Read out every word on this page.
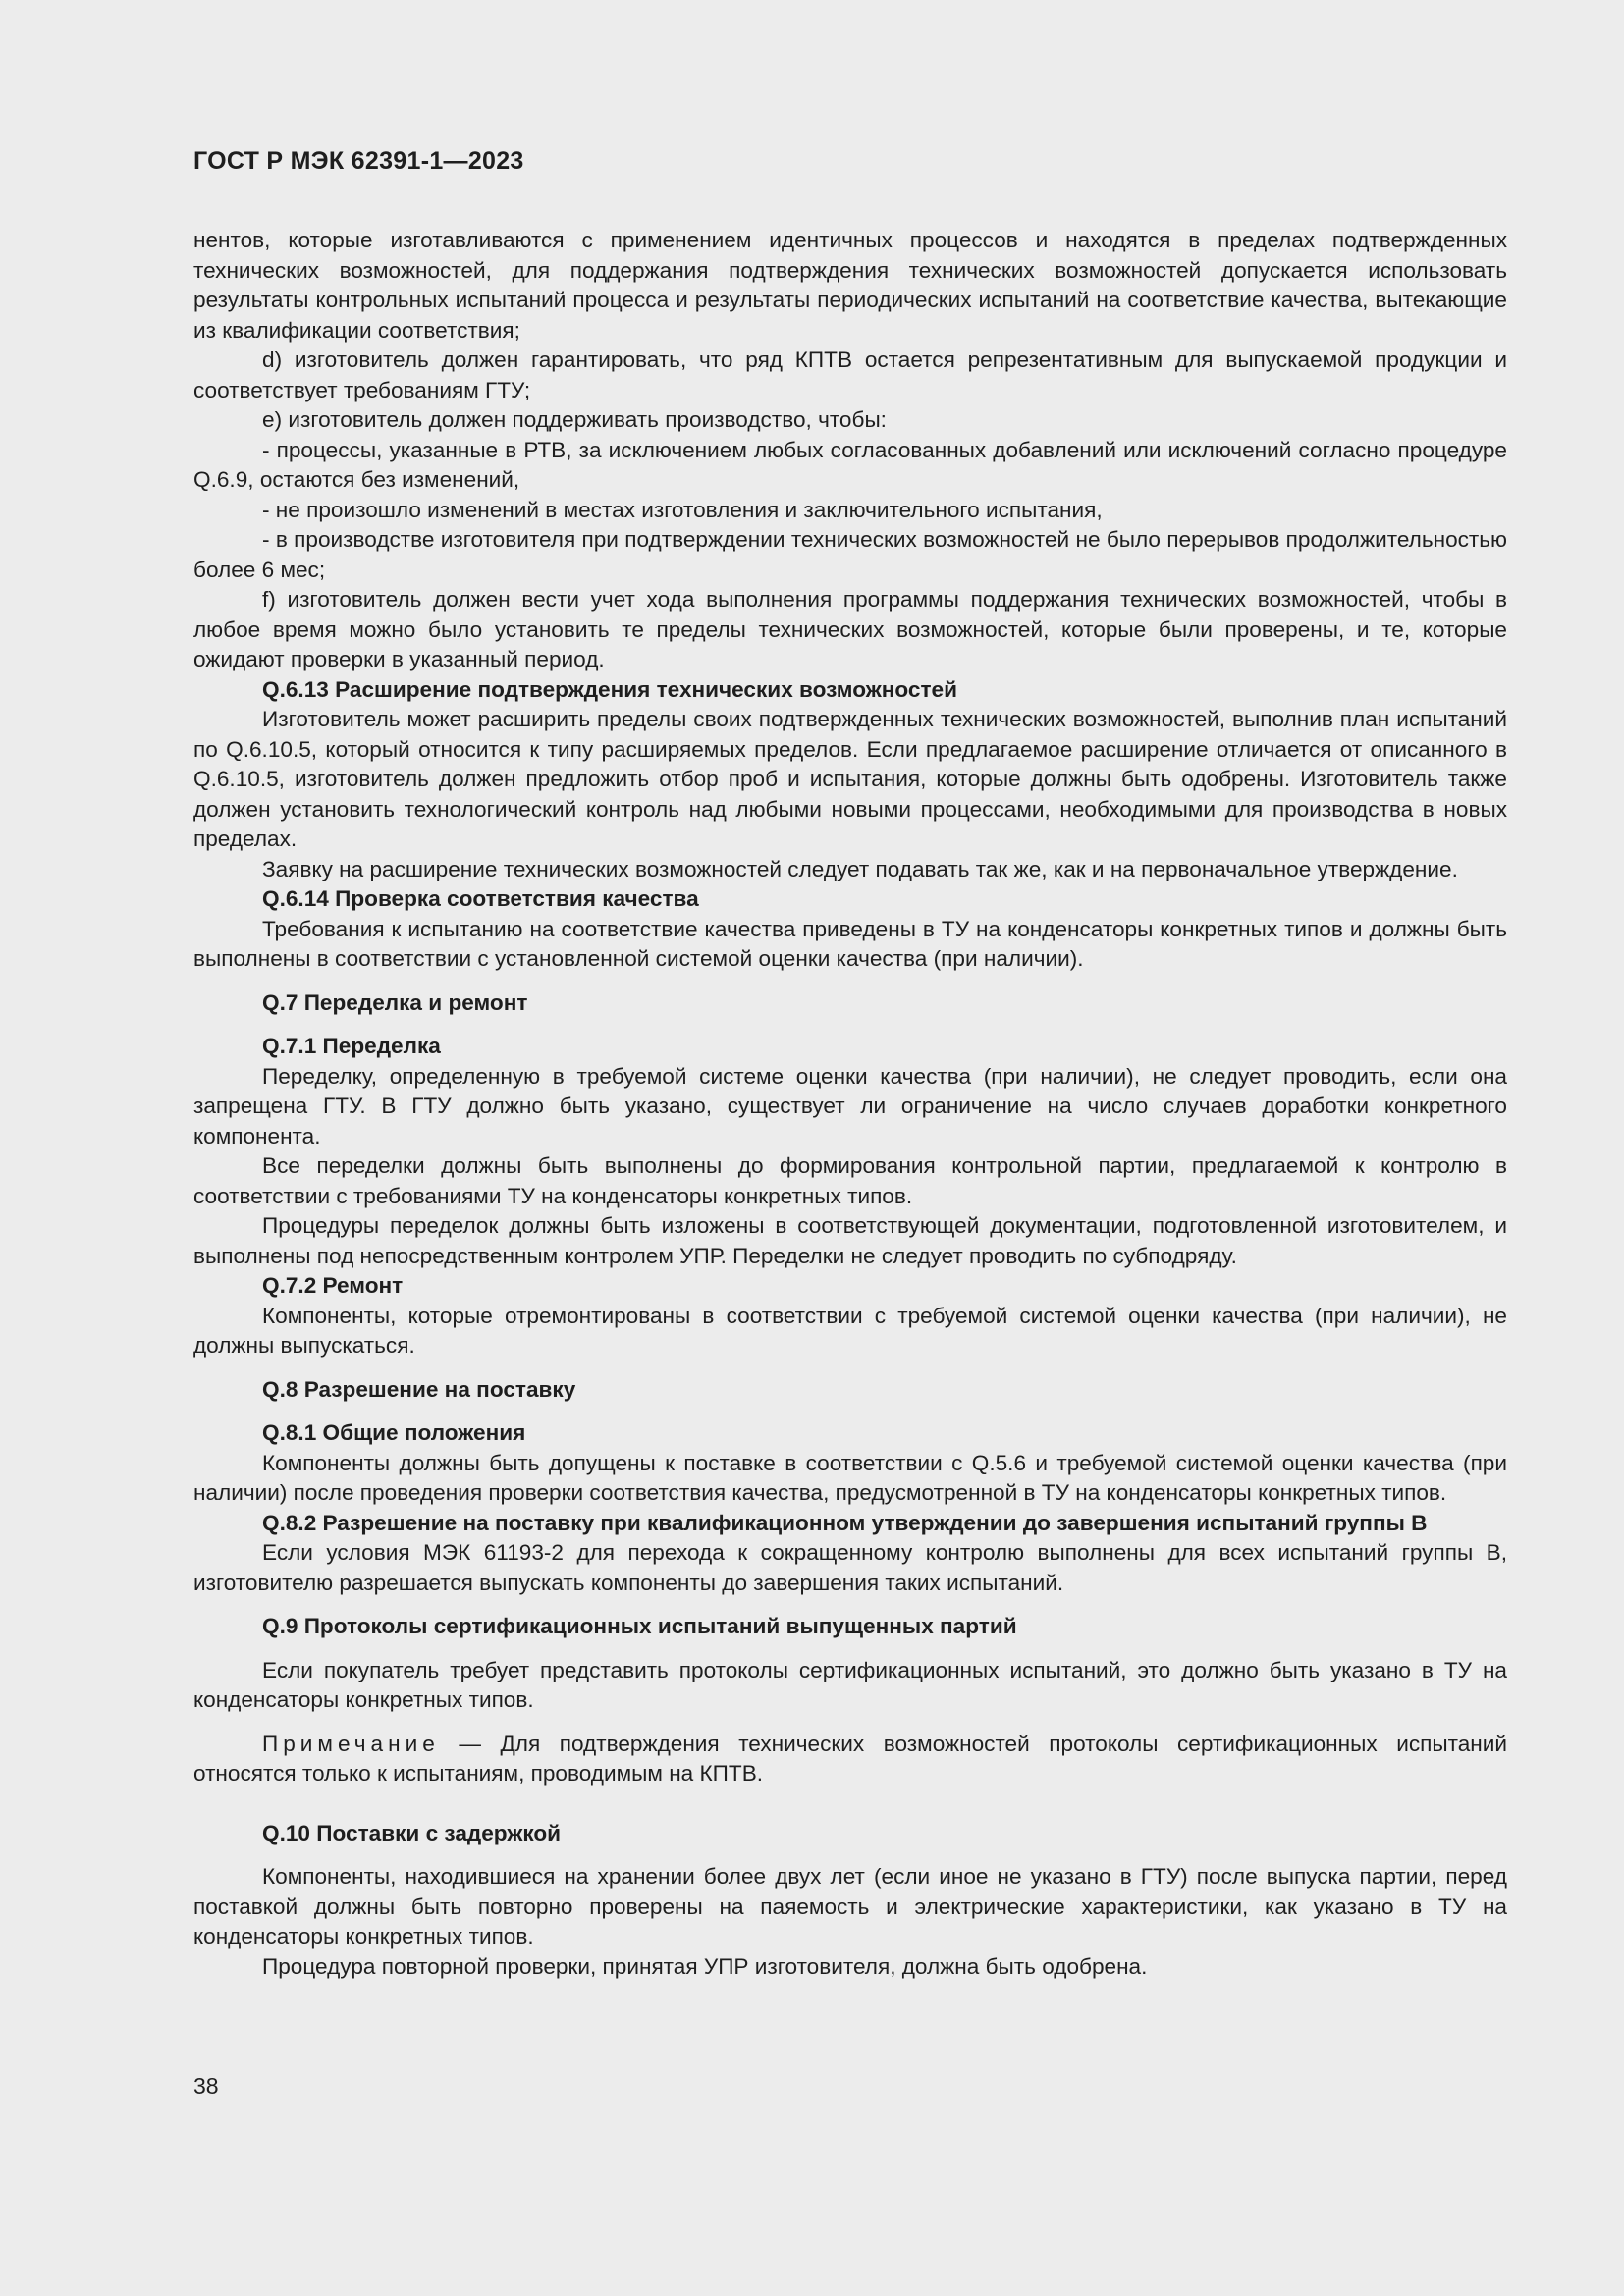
ГОСТ Р МЭК 62391-1—2023

нентов, которые изготавливаются с применением идентичных процессов и находятся в пределах подтвержденных технических возможностей, для поддержания подтверждения технических возможностей допускается использовать результаты контрольных испытаний процесса и результаты периодических испытаний на соответствие качества, вытекающие из квалификации соответствия;

d) изготовитель должен гарантировать, что ряд КПТВ остается репрезентативным для выпускаемой продукции и соответствует требованиям ГТУ;

e) изготовитель должен поддерживать производство, чтобы:

- процессы, указанные в РТВ, за исключением любых согласованных добавлений или исключений согласно процедуре Q.6.9, остаются без изменений,

- не произошло изменений в местах изготовления и заключительного испытания,

- в производстве изготовителя при подтверждении технических возможностей не было перерывов продолжительностью более 6 мес;

f) изготовитель должен вести учет хода выполнения программы поддержания технических возможностей, чтобы в любое время можно было установить те пределы технических возможностей, которые были проверены, и те, которые ожидают проверки в указанный период.

Q.6.13 Расширение подтверждения технических возможностей

Изготовитель может расширить пределы своих подтвержденных технических возможностей, выполнив план испытаний по Q.6.10.5, который относится к типу расширяемых пределов. Если предлагаемое расширение отличается от описанного в Q.6.10.5, изготовитель должен предложить отбор проб и испытания, которые должны быть одобрены. Изготовитель также должен установить технологический контроль над любыми новыми процессами, необходимыми для производства в новых пределах.

Заявку на расширение технических возможностей следует подавать так же, как и на первоначальное утверждение.

Q.6.14 Проверка соответствия качества

Требования к испытанию на соответствие качества приведены в ТУ на конденсаторы конкретных типов и должны быть выполнены в соответствии с установленной системой оценки качества (при наличии).

Q.7 Переделка и ремонт

Q.7.1 Переделка

Переделку, определенную в требуемой системе оценки качества (при наличии), не следует проводить, если она запрещена ГТУ. В ГТУ должно быть указано, существует ли ограничение на число случаев доработки конкретного компонента.

Все переделки должны быть выполнены до формирования контрольной партии, предлагаемой к контролю в соответствии с требованиями ТУ на конденсаторы конкретных типов.

Процедуры переделок должны быть изложены в соответствующей документации, подготовленной изготовителем, и выполнены под непосредственным контролем УПР. Переделки не следует проводить по субподряду.

Q.7.2 Ремонт

Компоненты, которые отремонтированы в соответствии с требуемой системой оценки качества (при наличии), не должны выпускаться.

Q.8 Разрешение на поставку

Q.8.1 Общие положения

Компоненты должны быть допущены к поставке в соответствии с Q.5.6 и требуемой системой оценки качества (при наличии) после проведения проверки соответствия качества, предусмотренной в ТУ на конденсаторы конкретных типов.

Q.8.2 Разрешение на поставку при квалификационном утверждении до завершения испытаний группы В

Если условия МЭК 61193-2 для перехода к сокращенному контролю выполнены для всех испытаний группы В, изготовителю разрешается выпускать компоненты до завершения таких испытаний.

Q.9 Протоколы сертификационных испытаний выпущенных партий

Если покупатель требует представить протоколы сертификационных испытаний, это должно быть указано в ТУ на конденсаторы конкретных типов.

Примечание — Для подтверждения технических возможностей протоколы сертификационных испытаний относятся только к испытаниям, проводимым на КПТВ.

Q.10 Поставки с задержкой

Компоненты, находившиеся на хранении более двух лет (если иное не указано в ГТУ) после выпуска партии, перед поставкой должны быть повторно проверены на паяемость и электрические характеристики, как указано в ТУ на конденсаторы конкретных типов.

Процедура повторной проверки, принятая УПР изготовителя, должна быть одобрена.

38
